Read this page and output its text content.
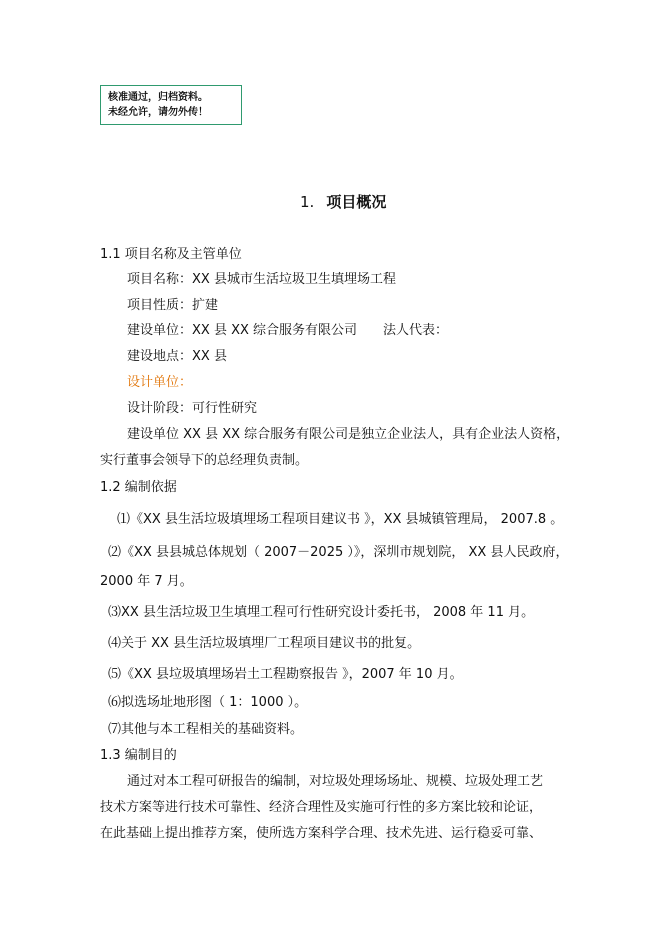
核准通过，归档资料。
未经允许，请勿外传！
1. 项目概况
1.1 项目名称及主管单位
项目名称：XX 县城市生活垃圾卫生填埋场工程
项目性质：扩建
建设单位：XX 县 XX 综合服务有限公司　　法人代表：
建设地点：XX 县
设计单位：
设计阶段：可行性研究
建设单位 XX 县 XX 综合服务有限公司是独立企业法人，具有企业法人资格，
实行董事会领导下的总经理负责制。
1.2 编制依据
⑴《XX 县生活垃圾填埋场工程项目建议书 》，XX 县城镇管理局， 2007.8 。
⑵《XX 县县城总体规划（ 2007－2025 ）》，深圳市规划院， XX 县人民政府，
2000 年 7 月。
⑶XX 县生活垃圾卫生填埋工程可行性研究设计委托书， 2008 年 11 月。
⑷关于 XX 县生活垃圾填埋厂工程项目建议书的批复。
⑸《XX 县垃圾填埋场岩土工程勘察报告 》，2007 年 10 月。
⑹拟选场址地形图（ 1：1000 ）。
⑺其他与本工程相关的基础资料。
1.3 编制目的
通过对本工程可研报告的编制，对垃圾处理场场址、规模、垃圾处理工艺
技术方案等进行技术可靠性、经济合理性及实施可行性的多方案比较和论证，
在此基础上提出推荐方案，使所选方案科学合理、技术先进、运行稳妥可靠、
